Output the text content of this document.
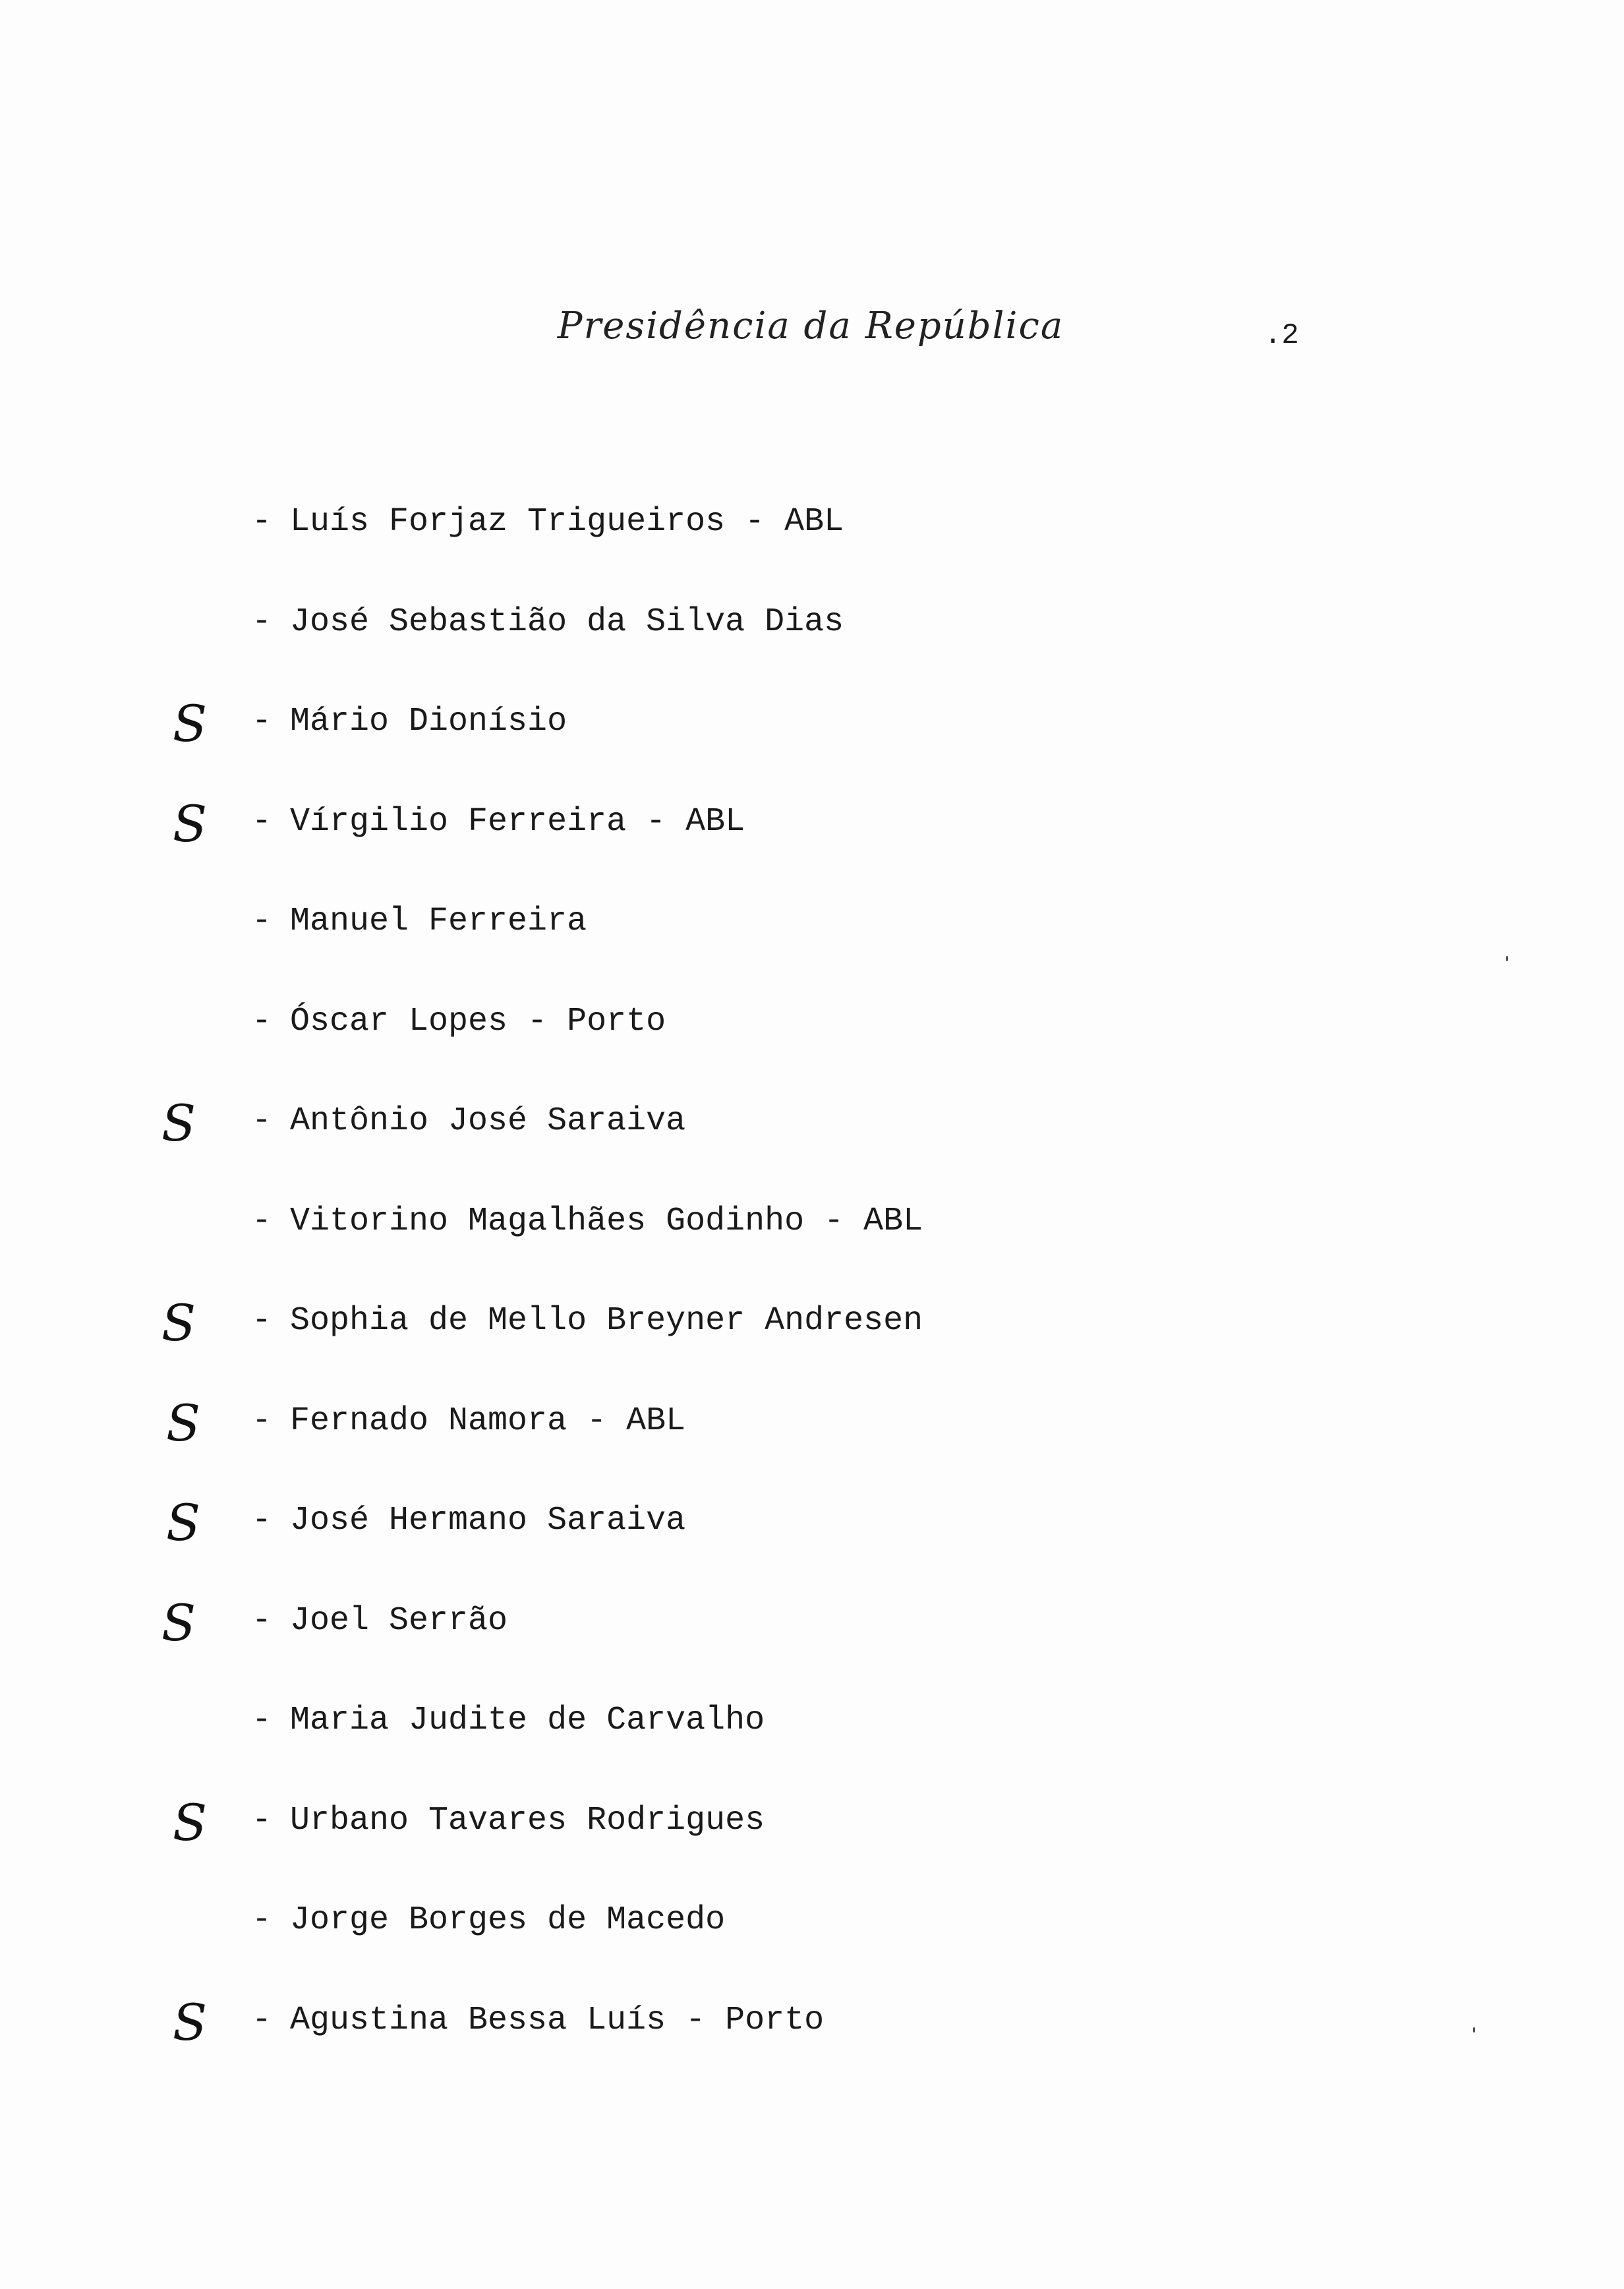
Presidência da República	.2
- Luís Forjaz Trigueiros - ABL
- José Sebastião da Silva Dias
S - Mário Dionísio
S - Vírgilio Ferreira - ABL
- Manuel Ferreira
- Óscar Lopes - Porto
S - Antônio José Saraiva
- Vitorino Magalhães Godinho - ABL
S - Sophia de Mello Breyner Andresen
S - Fernado Namora - ABL
S - José Hermano Saraiva
S - Joel Serrão
- Maria Judite de Carvalho
S - Urbano Tavares Rodrigues
- Jorge Borges de Macedo
S - Agustina Bessa Luís - Porto
